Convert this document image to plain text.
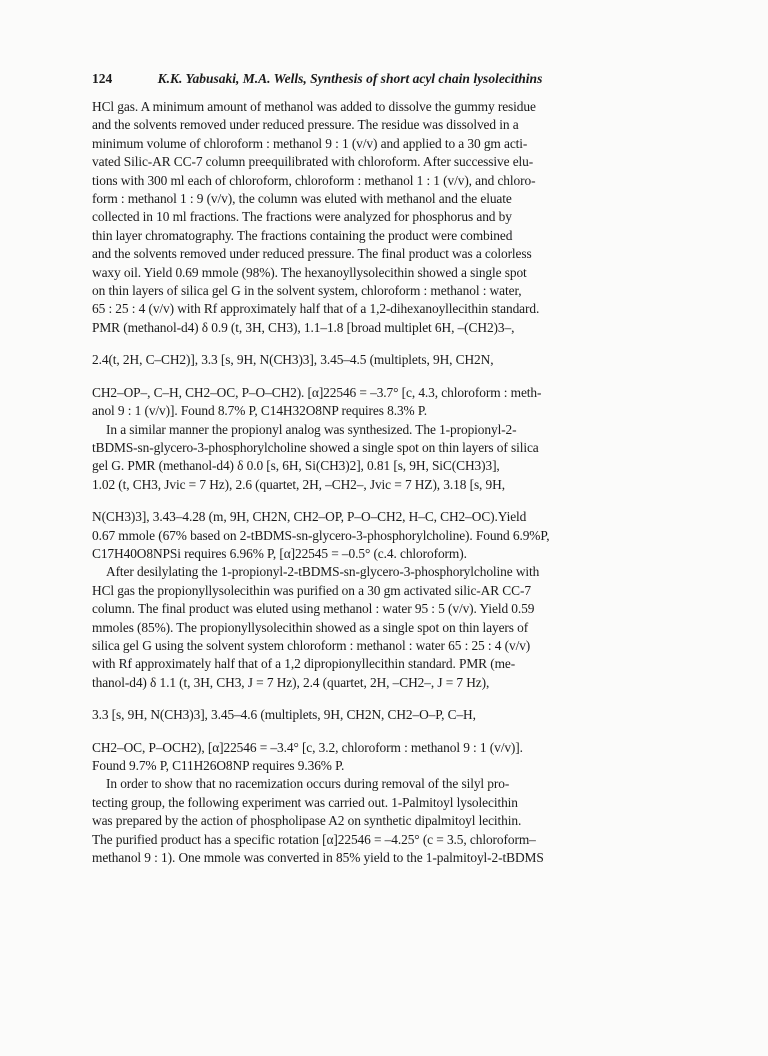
124	K.K. Yabusaki, M.A. Wells, Synthesis of short acyl chain lysolecithins
HCl gas. A minimum amount of methanol was added to dissolve the gummy residue
and the solvents removed under reduced pressure. The residue was dissolved in a
minimum volume of chloroform : methanol 9 : 1 (v/v) and applied to a 30 gm acti-
vated Silic-AR CC-7 column preequilibrated with chloroform. After successive elu-
tions with 300 ml each of chloroform, chloroform : methanol 1 : 1 (v/v), and chloro-
form : methanol 1 : 9 (v/v), the column was eluted with methanol and the eluate
collected in 10 ml fractions. The fractions were analyzed for phosphorus and by
thin layer chromatography. The fractions containing the product were combined
and the solvents removed under reduced pressure. The final product was a colorless
waxy oil. Yield 0.69 mmole (98%). The hexanoyllysolecithin showed a single spot
on thin layers of silica gel G in the solvent system, chloroform : methanol : water,
65 : 25 : 4 (v/v) with Rf approximately half that of a 1,2-dihexanoyllecithin standard.
PMR (methanol-d4) δ 0.9 (t, 3H, CH3), 1.1–1.8 [broad multiplet 6H, –(CH2)3–,
2.4(t, 2H, C–CH2)], 3.3 [s, 9H, N(CH3)3], 3.45–4.5 (multiplets, 9H, CH2N,
CH2–OP–, C–H, CH2–OC, P–O–CH2). [α]22546 = –3.7° [c, 4.3, chloroform : meth-
anol 9 : 1 (v/v)]. Found 8.7% P, C14H32O8NP requires 8.3% P.
In a similar manner the propionyl analog was synthesized. The 1-propionyl-2-
tBDMS-sn-glycero-3-phosphorylcholine showed a single spot on thin layers of silica
gel G. PMR (methanol-d4) δ 0.0 [s, 6H, Si(CH3)2], 0.81 [s, 9H, SiC(CH3)3],
1.02 (t, CH3, Jvic = 7 Hz), 2.6 (quartet, 2H, –CH2–, Jvic = 7 HZ), 3.18 [s, 9H,
N(CH3)3], 3.43–4.28 (m, 9H, CH2N, CH2–OP, P–O–CH2, H–C, CH2–OC).Yield
0.67 mmole (67% based on 2-tBDMS-sn-glycero-3-phosphorylcholine). Found 6.9%P,
C17H40O8NPSi requires 6.96% P, [α]22545 = –0.5° (c.4. chloroform).
After desilylating the 1-propionyl-2-tBDMS-sn-glycero-3-phosphorylcholine with
HCl gas the propionyllysolecithin was purified on a 30 gm activated silic-AR CC-7
column. The final product was eluted using methanol : water 95 : 5 (v/v). Yield 0.59
mmoles (85%). The propionyllysolecithin showed as a single spot on thin layers of
silica gel G using the solvent system chloroform : methanol : water 65 : 25 : 4 (v/v)
with Rf approximately half that of a 1,2 dipropionyllecithin standard. PMR (me-
thanol-d4) δ 1.1 (t, 3H, CH3, J = 7 Hz), 2.4 (quartet, 2H, –CH2–, J = 7 Hz),
3.3 [s, 9H, N(CH3)3], 3.45–4.6 (multiplets, 9H, CH2N, CH2–O–P, C–H,
CH2–OC, P–OCH2), [α]22546 = –3.4° [c, 3.2, chloroform : methanol 9 : 1 (v/v)].
Found 9.7% P, C11H26O8NP requires 9.36% P.
In order to show that no racemization occurs during removal of the silyl pro-
tecting group, the following experiment was carried out. 1-Palmitoyl lysolecithin
was prepared by the action of phospholipase A2 on synthetic dipalmitoyl lecithin.
The purified product has a specific rotation [α]22546 = –4.25° (c = 3.5, chloroform–
methanol 9 : 1). One mmole was converted in 85% yield to the 1-palmitoyl-2-tBDMS
